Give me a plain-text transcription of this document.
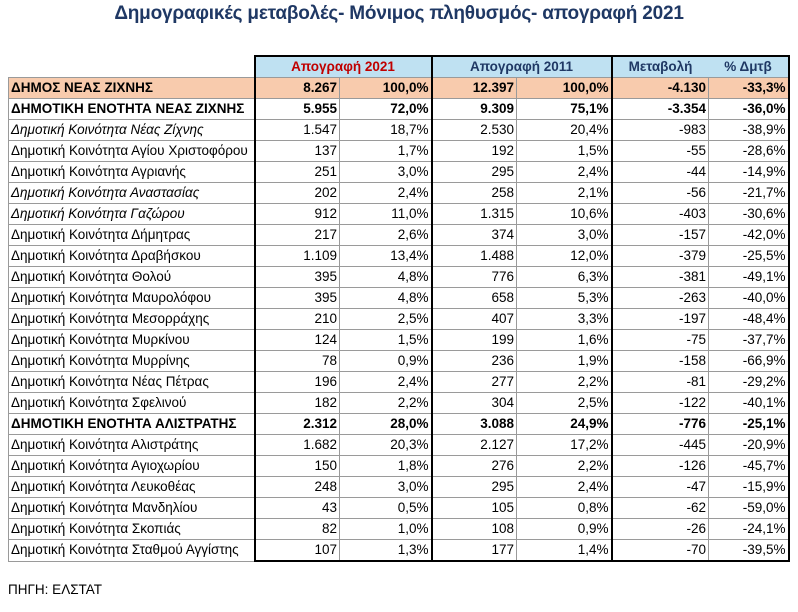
Δημογραφικές μεταβολές- Μόνιμος πληθυσμός- απογραφή 2021
	Απογραφή 2021		Απογραφή 2011		Μεταβολή	% Δμτβ
ΔΗΜΟΣ ΝΕΑΣ ΖΙΧΝΗΣ	8.267	100,0%	12.397	100,0%	-4.130	-33,3%
ΔΗΜΟΤΙΚΗ ΕΝΟΤΗΤΑ ΝΕΑΣ ΖΙΧΝΗΣ	5.955	72,0%	9.309	75,1%	-3.354	-36,0%
Δημοτική Κοινότητα Νέας Ζίχνης	1.547	18,7%	2.530	20,4%	-983	-38,9%
Δημοτική Κοινότητα Αγίου Χριστοφόρου	137	1,7%	192	1,5%	-55	-28,6%
Δημοτική Κοινότητα Αγριανής	251	3,0%	295	2,4%	-44	-14,9%
Δημοτική Κοινότητα Αναστασίας	202	2,4%	258	2,1%	-56	-21,7%
Δημοτική Κοινότητα Γαζώρου	912	11,0%	1.315	10,6%	-403	-30,6%
Δημοτική Κοινότητα Δήμητρας	217	2,6%	374	3,0%	-157	-42,0%
Δημοτική Κοινότητα Δραβήσκου	1.109	13,4%	1.488	12,0%	-379	-25,5%
Δημοτική Κοινότητα Θολού	395	4,8%	776	6,3%	-381	-49,1%
Δημοτική Κοινότητα Μαυρολόφου	395	4,8%	658	5,3%	-263	-40,0%
Δημοτική Κοινότητα Μεσορράχης	210	2,5%	407	3,3%	-197	-48,4%
Δημοτική Κοινότητα Μυρκίνου	124	1,5%	199	1,6%	-75	-37,7%
Δημοτική Κοινότητα Μυρρίνης	78	0,9%	236	1,9%	-158	-66,9%
Δημοτική Κοινότητα Νέας Πέτρας	196	2,4%	277	2,2%	-81	-29,2%
Δημοτική Κοινότητα Σφελινού	182	2,2%	304	2,5%	-122	-40,1%
ΔΗΜΟΤΙΚΗ ΕΝΟΤΗΤΑ ΑΛΙΣΤΡΑΤΗΣ	2.312	28,0%	3.088	24,9%	-776	-25,1%
Δημοτική Κοινότητα Αλιστράτης	1.682	20,3%	2.127	17,2%	-445	-20,9%
Δημοτική Κοινότητα Αγιοχωρίου	150	1,8%	276	2,2%	-126	-45,7%
Δημοτική Κοινότητα Λευκοθέας	248	3,0%	295	2,4%	-47	-15,9%
Δημοτική Κοινότητα Μανδηλίου	43	0,5%	105	0,8%	-62	-59,0%
Δημοτική Κοινότητα Σκοπιάς	82	1,0%	108	0,9%	-26	-24,1%
Δημοτική Κοινότητα Σταθμού Αγγίστης	107	1,3%	177	1,4%	-70	-39,5%
ΠΗΓΗ: ΕΛΣΤΑΤ
